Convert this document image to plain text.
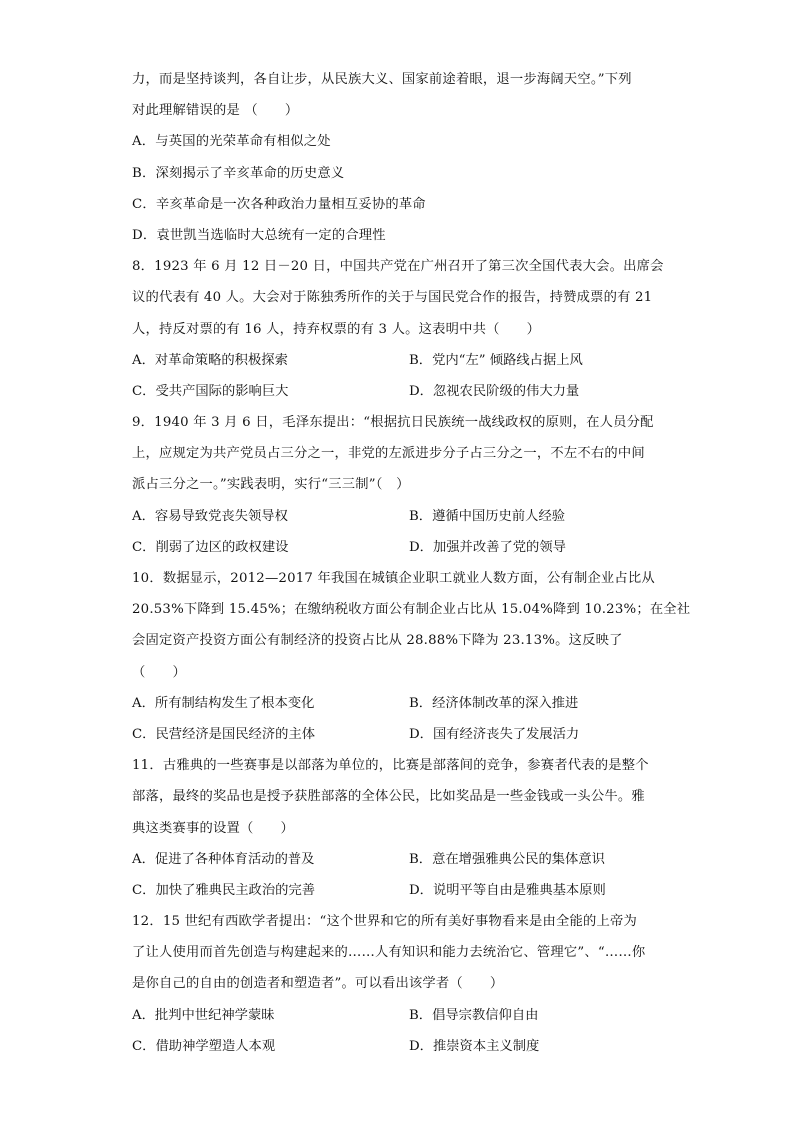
力，而是坚持谈判，各自让步，从民族大义、国家前途着眼，退一步海阔天空。”下列
对此理解错误的是 （　　）
A．与英国的光荣革命有相似之处
B．深刻揭示了辛亥革命的历史意义
C．辛亥革命是一次各种政治力量相互妥协的革命
D．袁世凯当选临时大总统有一定的合理性
8．1923 年 6 月 12 日－20 日，中国共产党在广州召开了第三次全国代表大会。出席会
议的代表有 40 人。大会对于陈独秀所作的关于与国民党合作的报告，持赞成票的有 21
人，持反对票的有 16 人，持弃权票的有 3 人。这表明中共（　　）
A．对革命策略的积极探索	B．党内“左” 倾路线占据上风
C．受共产国际的影响巨大	D．忽视农民阶级的伟大力量
9．1940 年 3 月 6 日，毛泽东提出：“根据抗日民族统一战线政权的原则，在人员分配
上，应规定为共产党员占三分之一，非党的左派进步分子占三分之一，不左不右的中间
派占三分之一。”实践表明，实行“三三制”（　）
A．容易导致党丧失领导权	B．遵循中国历史前人经验
C．削弱了边区的政权建设	D．加强并改善了党的领导
10．数据显示，2012—2017 年我国在城镇企业职工就业人数方面，公有制企业占比从
20.53%下降到 15.45%；在缴纳税收方面公有制企业占比从 15.04%降到 10.23%；在全社
会固定资产投资方面公有制经济的投资占比从 28.88%下降为 23.13%。这反映了
（　　）
A．所有制结构发生了根本变化	B．经济体制改革的深入推进
C．民营经济是国民经济的主体	D．国有经济丧失了发展活力
11．古雅典的一些赛事是以部落为单位的，比赛是部落间的竞争，参赛者代表的是整个
部落，最终的奖品也是授予获胜部落的全体公民，比如奖品是一些金钱或一头公牛。雅
典这类赛事的设置（　　）
A．促进了各种体育活动的普及	B．意在增强雅典公民的集体意识
C．加快了雅典民主政治的完善	D．说明平等自由是雅典基本原则
12．15 世纪有西欧学者提出：“这个世界和它的所有美好事物看来是由全能的上帝为
了让人使用而首先创造与构建起来的……人有知识和能力去统治它、管理它”、“……你
是你自己的自由的创造者和塑造者”。可以看出该学者（　　）
A．批判中世纪神学蒙昧	B．倡导宗教信仰自由
C．借助神学塑造人本观	D．推崇资本主义制度
